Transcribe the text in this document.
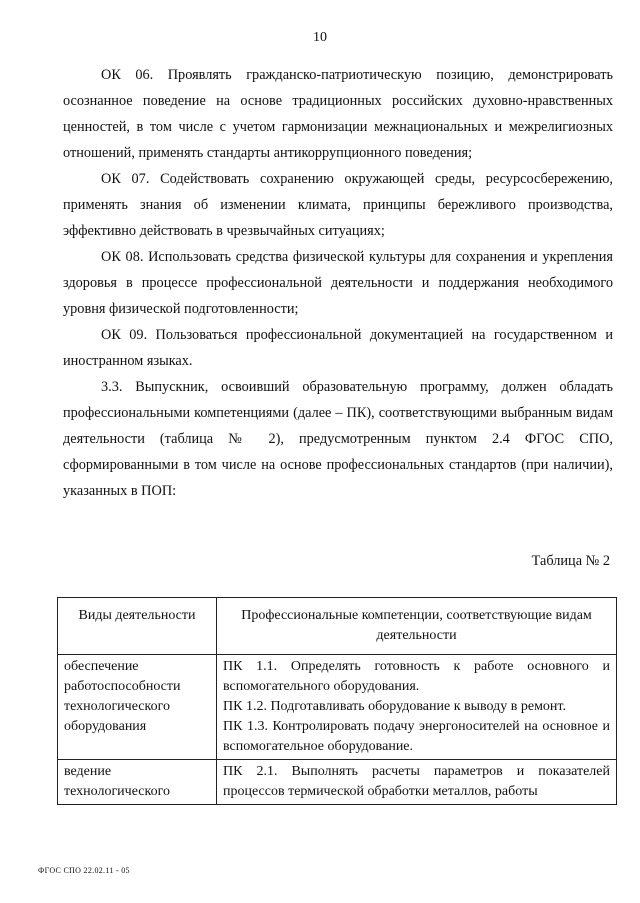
10

ОК 06. Проявлять гражданско-патриотическую позицию, демонстрировать осознанное поведение на основе традиционных российских духовно-нравственных ценностей, в том числе с учетом гармонизации межнациональных и межрелигиозных отношений, применять стандарты антикоррупционного поведения;

ОК 07. Содействовать сохранению окружающей среды, ресурсосбережению, применять знания об изменении климата, принципы бережливого производства, эффективно действовать в чрезвычайных ситуациях;

ОК 08. Использовать средства физической культуры для сохранения и укрепления здоровья в процессе профессиональной деятельности и поддержания необходимого уровня физической подготовленности;

ОК 09. Пользоваться профессиональной документацией на государственном и иностранном языках.

3.3. Выпускник, освоивший образовательную программу, должен обладать профессиональными компетенциями (далее – ПК), соответствующими выбранным видам деятельности (таблица № 2), предусмотренным пунктом 2.4 ФГОС СПО, сформированными в том числе на основе профессиональных стандартов (при наличии), указанных в ПОП:

Таблица № 2
Виды деятельности	Профессиональные компетенции, соответствующие видам деятельности
обеспечение работоспособности технологического оборудования	ПК 1.1. Определять готовность к работе основного и вспомогательного оборудования.
ПК 1.2. Подготавливать оборудование к выводу в ремонт.
ПК 1.3. Контролировать подачу энергоносителей на основное и вспомогательное оборудование.

ведение технологического	ПК 2.1. Выполнять расчеты параметров и показателей процессов термической обработки металлов, работы
ФГОС СПО 22.02.11 - 05
